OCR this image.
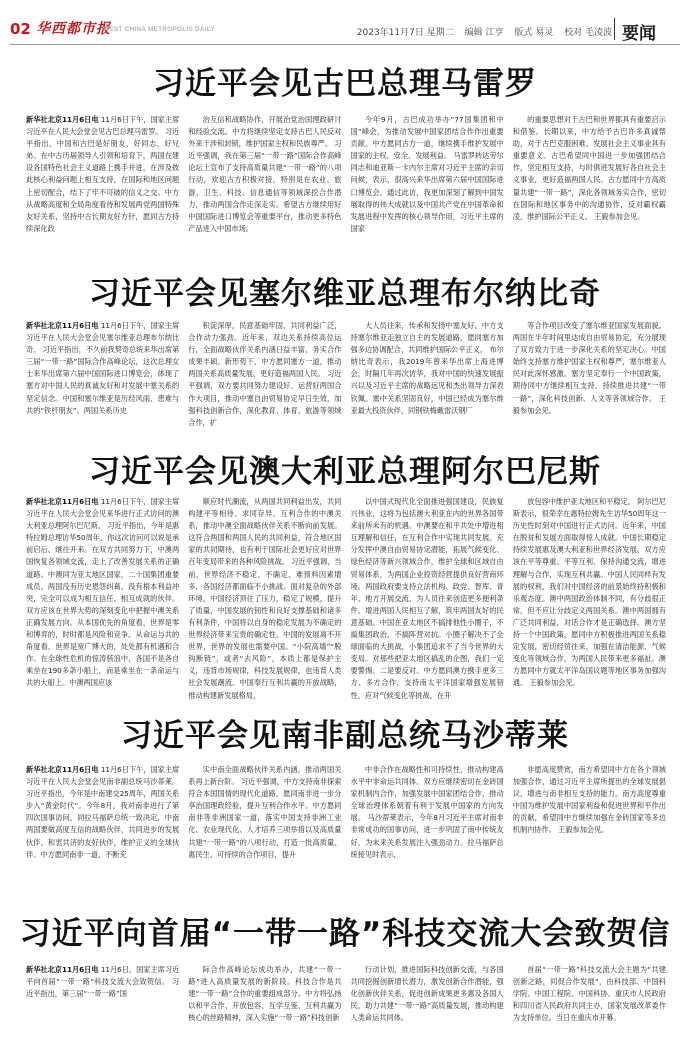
02 华西都市报
WEST CHINA METROPOLIS DAILY	2023年11月7日 星期二 编辑 江亨 版式 易灵 校对 毛凌波 要闻
习近平会见古巴总理马雷罗

新华社北京11月6日电 11月6日下午，国家主席习近平在人民大会堂会见古巴总理马雷罗。 习近平指出，中国和古巴是好朋友、好同志、好兄弟。在中古历届领导人引领和培育下，两国在建设各国特色社会主义道路上携手并进，在涉及彼此核心利益问题上相互支持，在国际和地区问题上密切配合，结下了牢不可破的信义之交。中方从战略高度和全局角度看待和发展两党两国特殊友好关系，坚持中古长期友好方针，愿同古方持续深化政

治互信和战略协作，开展治党治国理政研讨和经验交流。中方将继续坚定支持古巴人民反对外来干涉和封锁，维护国家主权和民族尊严。 习近平强调，我在第三届“一带一路”国际合作高峰论坛上宣布了支持高质量共建“一带一路”的八项行动，欢迎古方积极对接，特别是在农业、旅游、卫生、科技、信息通信等领域深挖合作潜力，推动两国合作走深走实。希望古方继续用好中国国际进口博览会等重要平台，推动更多特色产品进入中国市场。

今年9月，古巴成功举办“77国集团和中国”峰会，为推动发展中国家团结合作作出重要贡献。中方愿同古方一道，继续携手维护发展中国家的主权、安全、发展利益。 马雷罗转达劳尔同志和迪亚斯－卡内尔主席对习近平主席的亲切问候，表示，很高兴来华出席第六届中国国际进口博览会。通过此访，我更加深刻了解到中国发展取得的伟大成就以及中国共产党在中国革命和发展进程中发挥的核心领导作用，习近平主席的国家

的重要思想对于古巴和世界都具有重要启示和借鉴。长期以来，中方给予古巴许多真诚帮助，对于古巴克服困难、发展社会主义事业具有重要意义。古巴希望同中国进一步加强团结合作，坚定相互支持，与时俱进发展好各自社会主义事业，更好造福两国人民。古方愿同中方高质量共建“一带一路”，深化各领域务实合作，密切在国际和地区事务中的沟通协作，反对霸权霸凌，维护国际公平正义。 王毅参加会见。

习近平会见塞尔维亚总理布尔纳比奇

新华社北京11月6日电 11月6日下午，国家主席习近平在人民大会堂会见塞尔维亚总理布尔纳比奇。 习近平指出，不久前我契奇总统来华出席第三届“一带一路”国际合作高峰论坛，这次总理女士来华出席第六届中国国际进口博览会，体现了塞方对中国人民的真诚友好和对发展中塞关系的坚定信念。中国和塞尔维亚是历经风雨、患难与共的“铁杆朋友”。两国关系历史

积淀深厚，民意基础牢固，共同利益广泛，合作动力强劲。近年来，双边关系持续高位运行，全面战略伙伴关系内涵日益丰富，务实合作成果丰硕。新形势下，中方愿同塞方一道，推动两国关系高质量发展，更好造福两国人民。 习近平强调，双方要共同努力建设好、运营好两国合作大项目，推动中塞自由贸易协定早日生效，加强科技创新合作，深化教育、体育、旅游等领域合作，扩

大人员往来，传承和发扬中塞友好。中方支持塞尔维亚走独立自主的发展道路，愿同塞方加强多边协调配合，共同维护国际公平正义。 布尔纳比奇表示，我2019年曾来华出席上海进博会，时隔几年再次访华，我对中国的快速发展振兴以及习近平主席的战略远见和杰出领导力深表钦佩。塞中关系坚固良好，中国已经成为塞尔维亚最大投资伙伴，同钢铁梅戴雷沃钢厂

等合作项目改变了塞尔维亚国家发展面貌。两国在半年时间里达成自由贸易协定，充分展现了双方致力于进一步深化关系的坚定决心。中国始终支持塞方维护国家主权和尊严，塞尔维亚人民对此深怀感激。塞方坚定奉行一个中国政策，期待同中方继续相互支持，持续推进共建“一带一路”，深化科技创新、人文等各领域合作。 王毅参加会见。

习近平会见澳大利亚总理阿尔巴尼斯

新华社北京11月6日电 11月6日下午，国家主席习近平在人民大会堂会见来华进行正式访问的澳大利亚总理阿尔巴尼斯。 习近平指出，今年是惠特拉姆总理访华50周年，你这次访问可以说是承前启后、继往开来。在双方共同努力下，中澳两国恢复各领域交流，走上了改善发展关系的正确道路。中澳同为亚太地区国家，二十国集团重要成员，两国没有历史恩怨纠葛，没有根本利益冲突，完全可以成为相互信任、相互成就的伙伴。双方应该在世界大势的深刻变化中把握中澳关系正确发展方向。从本国优先的角度看，世界是零和博弈的，时时都是风险和竞争。从命运与共的角度看，世界是宽广博大的，处处都有机遇和合作。在全球性危机的惊涛骇浪中，各国不是各自乘坐在190多条小船上，而是乘坐在一条命运与共的大船上。中澳两国应该

顺应时代潮流，从两国共同利益出发，共同构建平等相待、求同存异、互利合作的中澳关系，推动中澳全面战略伙伴关系不断向前发展。这符合两国和两国人民的共同利益，符合地区国家的共同期待，也有利于国际社会更好应对世界百年变局带来的各种风险挑战。 习近平强调，当前，世界经济不稳定、不确定、难预料因素增多，各国经济都面临不小挑战。面对复杂的外部环境，中国经济顶住了压力，稳定了规模，提升了质量，中国发展的韧性和良好支撑基础和诸多有利条件，中国将以自身的稳定发展为不确定的世界经济带来宝贵的确定性。中国的发展离不开世界，世界的发展也需要中国。“小院高墙”“脱钩断链”，或者“去风险”，本质上都是保护主义，违背市场规律，科技发展规律，也违背人类社会发展潮流。中国奉行互利共赢的开放战略，推动构建新发展格局，

以中国式现代化全面推进强国建设，民族复兴伟业，这将为包括澳大利亚在内的世界各国带来前所未有的机遇。中澳要在和平共处中增进相互理解和信任，在互利合作中实现共同发展。充分发挥中澳自由贸易协定潜能，拓展气候变化、绿色经济等新兴领域合作，维护全球和区域自由贸易体系，为两国企业投资经营提供良好营商环境。两国政府要支持立法机构、政党、智库、青年、地方开展交流，为人员往来创造更多便利条件，增进两国人民相互了解，筑牢两国友好的民意基础。中国在亚太地区不搞排他性小圈子，不搞集团政治，不搞阵营对抗。小圈子解决不了全球面临的大挑战，小集团追求不了当今世界的大变局。对那些把亚太地区搞乱的企图，我们一定要警惕。二是要反对。中方愿同澳方携手更多三方、多方合作，支持南太平洋国家增强发展韧性，应对气候变化等挑战，在开

放包容中维护亚太地区和平稳定。 阿尔巴尼斯表示，很荣幸在惠特拉姆先生访华50周年这一历史性时刻对中国进行正式访问。近年来，中国在脱贫和发展方面取得惊人成就。中国长期稳定持续发展惠及澳大利亚和世界经济发展，双方应该在平等尊重、平等互利、保持沟通交流，增进理解与合作，实现互利共赢。中国人民同样有发展的权利，我们对中国经济的前景始终持积极和乐观态度。澳中两国政治体制不同，有分歧很正常，但不应让分歧定义两国关系。澳中两国拥有广泛共同利益，对话合作才是正确选择。澳方坚持一个中国政策，愿同中方积极推进两国关系稳定发展，密切经贸往来，加强在清洁能源、气候变化等领域合作，为两国人民带来更多福祉。澳方愿同中方就太平洋岛国议题等地区事务加强沟通。 王毅参加会见。

习近平会见南非副总统马沙蒂莱

新华社北京11月6日电 11月6日下午，国家主席习近平在人民大会堂会见南非副总统马沙蒂莱。 习近平指出，今年是中南建交25周年，两国关系步入“黄金时代”。今年8月，我对南非进行了第四次国事访问，同拉马福萨总统一致决定，中南两国要做高度互信的战略伙伴，共同进步的发展伙伴，和衷共济的友好伙伴，维护正义的全球伙伴。中方愿同南非一道，不断充

实中南全面战略伙伴关系内涵，推动两国关系再上新台阶。 习近平强调，中方支持南非探索符合本国国情的现代化道路，愿同南非进一步分享治国理政经验，提升互利合作水平。中方愿同南非等非洲国家一道，落实中国支持非洲工业化、农业现代化、人才培养三项举措以及高质量共建“一带一路”的八项行动，打造一批高质量、惠民生、可持续的合作项目，提升

中非合作在战略性和可持续性，推动构建高水平中非命运共同体。双方应继续密切在金砖国家机制内合作，加强发展中国家团结合作，推动全球治理体系朝着有利于发展中国家的方向发展。 马沙蒂莱表示，今年8月习近平主席对南非非常成功的国事访问，进一步巩固了南中传统友好，为未来关系发展注入强劲动力。拉马福萨总统接见时表示，

非愿高度赞赏，南方希望同中方在各个领域加强合作，通过习近平主席所提出的全球发展倡议，增进与南非相互支持的能力。南方高度尊重中国为维护发展中国家利益和促进世界和平作出的贡献，希望同中方继续加强在金砖国家等多边机制内协作。 王毅参加会见。

习近平向首届“一带一路”科技交流大会致贺信

新华社北京11月6日电 11月6日，国家主席习近平向首届“一带一路”科技交流大会致贺信。 习近平指出，第三届“一带一路”国

际合作高峰论坛成功举办，共建“一带一路”进入高质量发展的新阶段。科技合作是共建“一带一路”合作的重要组成部分。中方将弘扬以和平合作、开放包容、互学互鉴、互利共赢为核心的丝路精神，深入实施“一带一路”科技创新

行动计划，推进国际科技创新交流，与各国共同挖掘创新增长潜力，激发创新合作潜能，强化创新伙伴关系，促进创新成果更多惠及各国人民，助力共建“一带一路”高质量发展，推动构建人类命运共同体。

首届“一带一路”科技交流大会主题为“共建创新之路，同促合作发展”，由科技部、中国科学院、中国工程院、中国科协、重庆市人民政府和四川省人民政府共同主办，国家发展改革委作为支持单位，当日在重庆市开幕。
